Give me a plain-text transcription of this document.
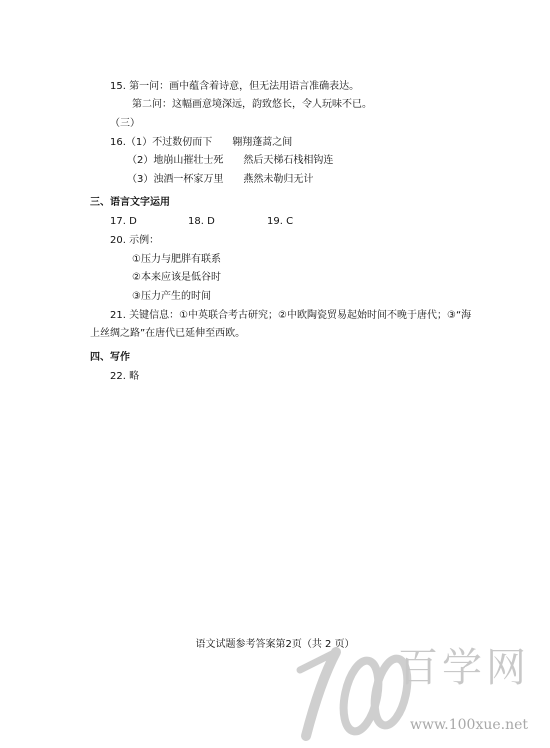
15. 第一问：画中蕴含着诗意，但无法用语言准确表达。
第二问：这幅画意境深远，韵致悠长，令人玩味不已。
（三）
16.（1）不过数仞而下　　翱翔蓬蒿之间
（2）地崩山摧壮士死　　然后天梯石栈相钩连
（3）浊酒一杯家万里　　燕然未勒归无计
三、语言文字运用
17. D	18. D	19. C
20. 示例：
①压力与肥胖有联系
②本来应该是低谷时
③压力产生的时间
21. 关键信息：①中英联合考古研究；②中欧陶瓷贸易起始时间不晚于唐代；③“海
上丝绸之路”在唐代已延伸至西欧。
四、写作
22. 略
语文试题参考答案第2页（共 2 页）
百学网
www.100xue.net
